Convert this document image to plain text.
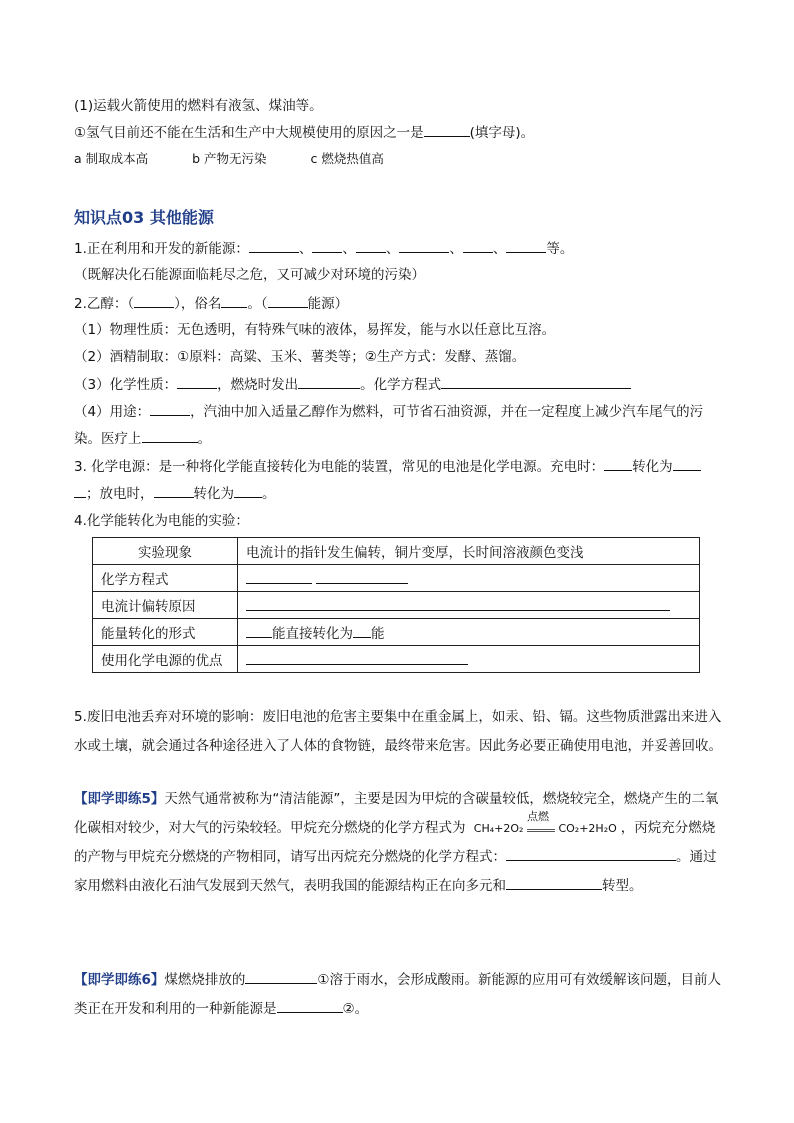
(1)运载火箭使用的燃料有液氢、煤油等。
①氢气目前还不能在生活和生产中大规模使用的原因之一是	(填字母)。
a 制取成本高	b 产物无污染	c 燃烧热值高
知识点03 其他能源
1.正在利用和开发的新能源：	、 、 、	、 、	等。
（既解决化石能源面临耗尽之危，又可减少对环境的污染）
2.乙醇：（	），俗名 。（	能源）
（1）物理性质：无色透明，有特殊气味的液体，易挥发，能与水以任意比互溶。
（2）酒精制取：①原料：高粱、玉米、薯类等；②生产方式：发酵、蒸馏。
（3）化学性质：	，燃烧时发出	。化学方程式
（4）用途：	，汽油中加入适量乙醇作为燃料，可节省石油资源，并在一定程度上减少汽车尾气的污
染。医疗上	。
3. 化学电源：是一种将化学能直接转化为电能的装置，常见的电池是化学电源。充电时： 转化为
；放电时，	转化为 。
4.化学能转化为电能的实验：
实验现象	电流计的指针发生偏转，铜片变厚，长时间溶液颜色变浅
化学方程式	
电流计偏转原因	
能量转化的形式	能直接转化为 能
使用化学电源的优点	
5.废旧电池丢弃对环境的影响：废旧电池的危害主要集中在重金属上，如汞、铅、镉。这些物质泄露出来进入水或土壤，就会通过各种途径进入了人体的食物链，最终带来危害。因此务必要正确使用电池，并妥善回收。
【即学即练5】天然气通常被称为“清洁能源”，主要是因为甲烷的含碳量较低，燃烧较完全，燃烧产生的二氧化碳相对较少，对大气的污染较轻。甲烷充分燃烧的化学方程式为 CH₄+2O₂
点燃
CO₂+2H₂O ，丙烷充分燃烧的产物与甲烷充分燃烧的产物相同，请写出丙烷充分燃烧的化学方程式：	。通过家用燃料由液化石油气发展到天然气，表明我国的能源结构正在向多元和	转型。
【即学即练6】煤燃烧排放的	①溶于雨水，会形成酸雨。新能源的应用可有效缓解该问题，目前人类正在开发和利用的一种新能源是	②。
